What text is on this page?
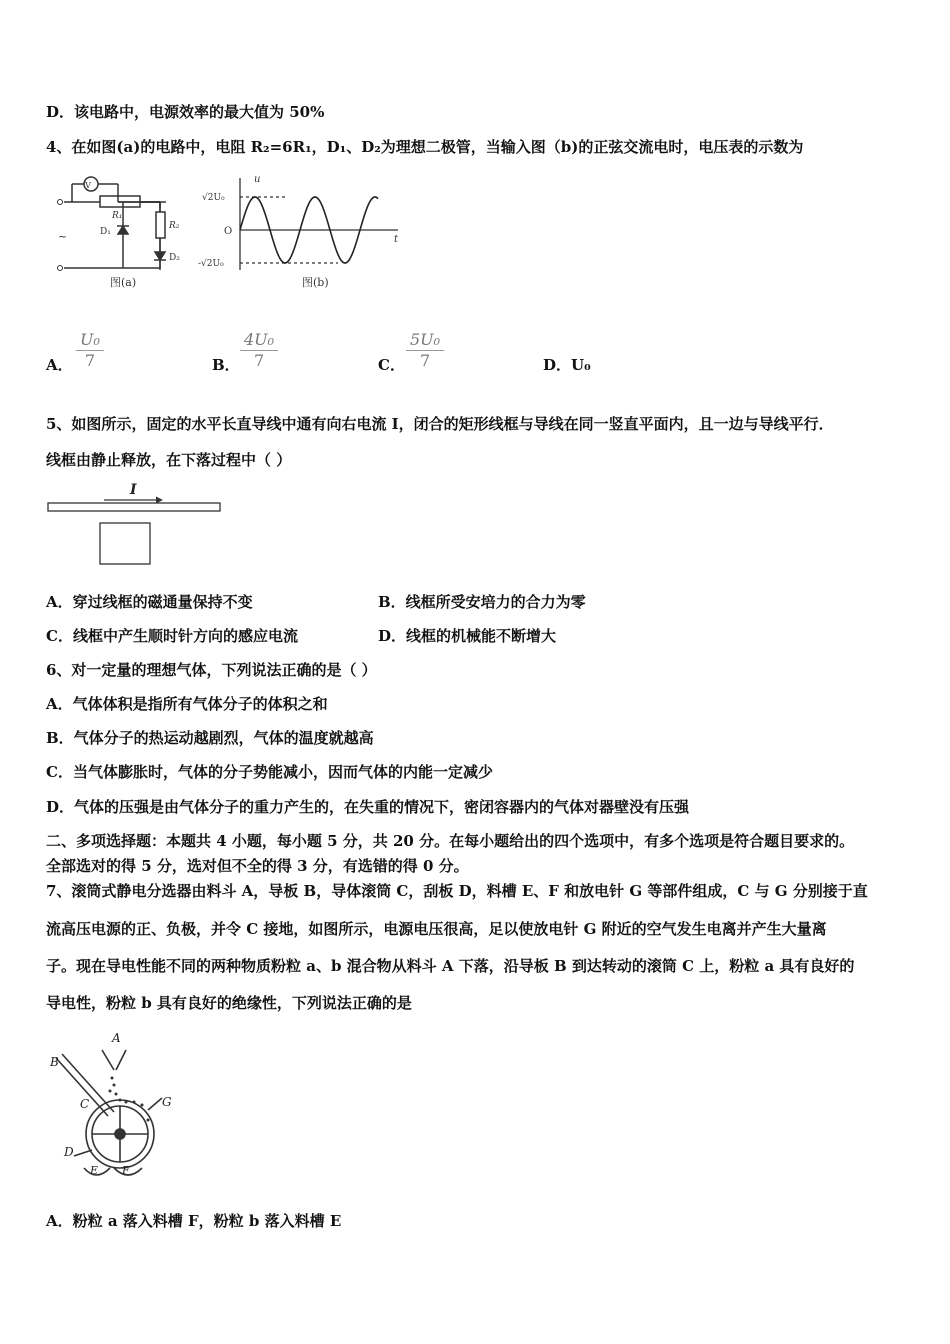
D．该电路中，电源效率的最大值为 50%
4、在如图(a)的电路中，电阻 R₂=6R₁，D₁、D₂为理想二极管，当输入图（b)的正弦交流电时，电压表的示数为
V
R₁
R₂
D₁
D₂
~
图(a)
u
t
O
√2U₀
-√2U₀
图(b)
A． $\frac{\text{U₀}}{7}$	B． $\frac{\text{4U₀}}{7}$	C． $\frac{\text{5U₀}}{7}$	D．U₀
5、如图所示，固定的水平长直导线中通有向右电流 I，闭合的矩形线框与导线在同一竖直平面内，且一边与导线平行．
线框由静止释放，在下落过程中（ ）
I
A．穿过线框的磁通量保持不变	B．线框所受安培力的合力为零
C．线框中产生顺时针方向的感应电流	D．线框的机械能不断增大
6、对一定量的理想气体，下列说法正确的是（ ）
A．气体体积是指所有气体分子的体积之和
B．气体分子的热运动越剧烈，气体的温度就越高
C．当气体膨胀时，气体的分子势能减小，因而气体的内能一定减少
D．气体的压强是由气体分子的重力产生的，在失重的情况下，密闭容器内的气体对器壁没有压强
二、多项选择题：本题共 4 小题，每小题 5 分，共 20 分。在每小题给出的四个选项中，有多个选项是符合题目要求的。
全部选对的得 5 分，选对但不全的得 3 分，有选错的得 0 分。
7、滚筒式静电分选器由料斗 A，导板 B，导体滚筒 C，刮板 D，料槽 E、F 和放电针 G 等部件组成，C 与 G 分别接于直
流高压电源的正、负极，并令 C 接地，如图所示，电源电压很高，足以使放电针 G 附近的空气发生电离并产生大量离
子。现在导电性能不同的两种物质粉粒 a、b 混合物从料斗 A 下落，沿导板 B 到达转动的滚筒 C 上，粉粒 a 具有良好的
导电性，粉粒 b 具有良好的绝缘性，下列说法正确的是
A
B
C
D
E F
G
A．粉粒 a 落入料槽 F，粉粒 b 落入料槽 E
